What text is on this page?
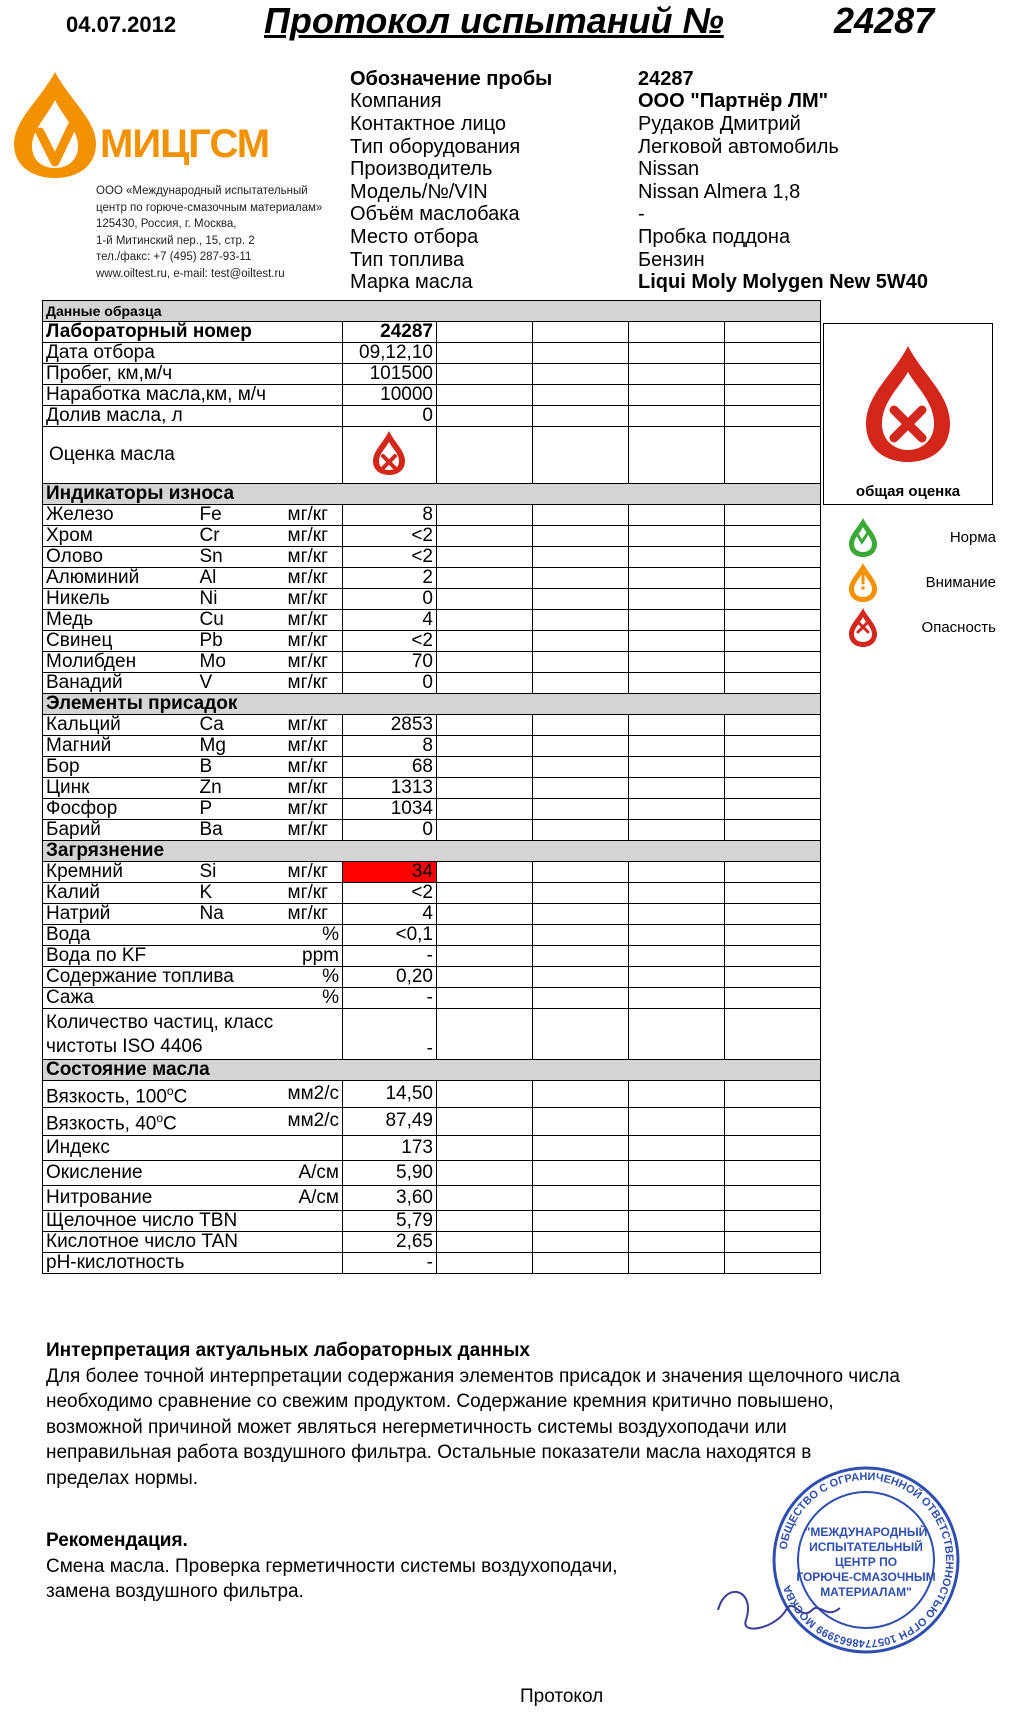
04.07.2012 Протокол испытаний №	24287
МИЦГСМ
ООО «Международный испытательный
центр по горюче-смазочным материалам»
125430, Россия, г. Москва,
1-й Митинский пер., 15, стр. 2
тел./факс: +7 (495) 287-93-11
www.oiltest.ru, e-mail: test@oiltest.ru
Обозначение пробы	24287
Компания	ООО "Партнёр ЛМ"
Контактное лицо	Рудаков Дмитрий
Тип оборудования	Легковой автомобиль
Производитель	Nissan
Модель/№/VIN	Nissan Almera 1,8
Объём маслобака	-
Место отбора	Пробка поддона
Тип топлива	Бензин
Марка масла	Liqui Moly Molygen New 5W40
Данные образца							
Лабораторный номер			24287				
Дата отбора			09,12,10				
Пробег, км,м/ч			101500				
Наработка масла,км, м/ч			10000				
Долив масла, л			0				
Оценка масла					
Индикаторы износа							
Железо	Fe	мг/кг	8				
Хром	Cr	мг/кг	<2				
Олово	Sn	мг/кг	<2				
Алюминий	Al	мг/кг	2				
Никель	Ni	мг/кг	0				
Медь	Cu	мг/кг	4				
Свинец	Pb	мг/кг	<2				
Молибден	Mo	мг/кг	70				
Ванадий	V	мг/кг	0				
Элементы присадок							
Кальций	Ca	мг/кг	2853				
Магний	Mg	мг/кг	8				
Бор	B	мг/кг	68				
Цинк	Zn	мг/кг	1313				
Фосфор	P	мг/кг	1034				
Барий	Ba	мг/кг	0				
Загрязнение							
Кремний	Si	мг/кг	34				
Калий	K	мг/кг	<2				
Натрий	Na	мг/кг	4				
Вода		%	<0,1				
Вода по KF		ppm	-				
Содержание топлива		%	0,20				
Сажа		%	-				

Количество частиц, класс
чистоты ISO 4406			-				
Состояние масла							
Вязкость, 100$^o$C		мм2/с	14,50				
Вязкость, 40$^o$C		мм2/с	87,49				
Индекс			173				
Окисление		А/см	5,90				
Нитрование		А/см	3,60				
Щелочное число TBN			5,79				
Кислотное число TAN			2,65				
pH-кислотность			-				
общая оценка
Норма
Внимание
Опасность
Интерпретация актуальных лабораторных данных
Для более точной интерпретации содержания элементов присадок и значения щелочного числа
необходимо сравнение со свежим продуктом. Содержание кремния критично повышено,
возможной причиной может являться негерметичность системы воздухоподачи или
неправильная работа воздушного фильтра. Остальные показатели масла находятся в
пределах нормы.
Рекомендация.
Смена масла. Проверка герметичности системы воздухоподачи,
замена воздушного фильтра.
ОБЩЕСТВО С ОГРАНИЧЕННОЙ ОТВЕТСТВЕННОСТЬЮ ОГРН 1057748663999 МОСКВА
"МЕЖДУНАРОДНЫЙ
ИСПЫТАТЕЛЬНЫЙ
ЦЕНТР ПО
ГОРЮЧЕ-СМАЗОЧНЫМ
МАТЕРИАЛАМ"
Протокол
